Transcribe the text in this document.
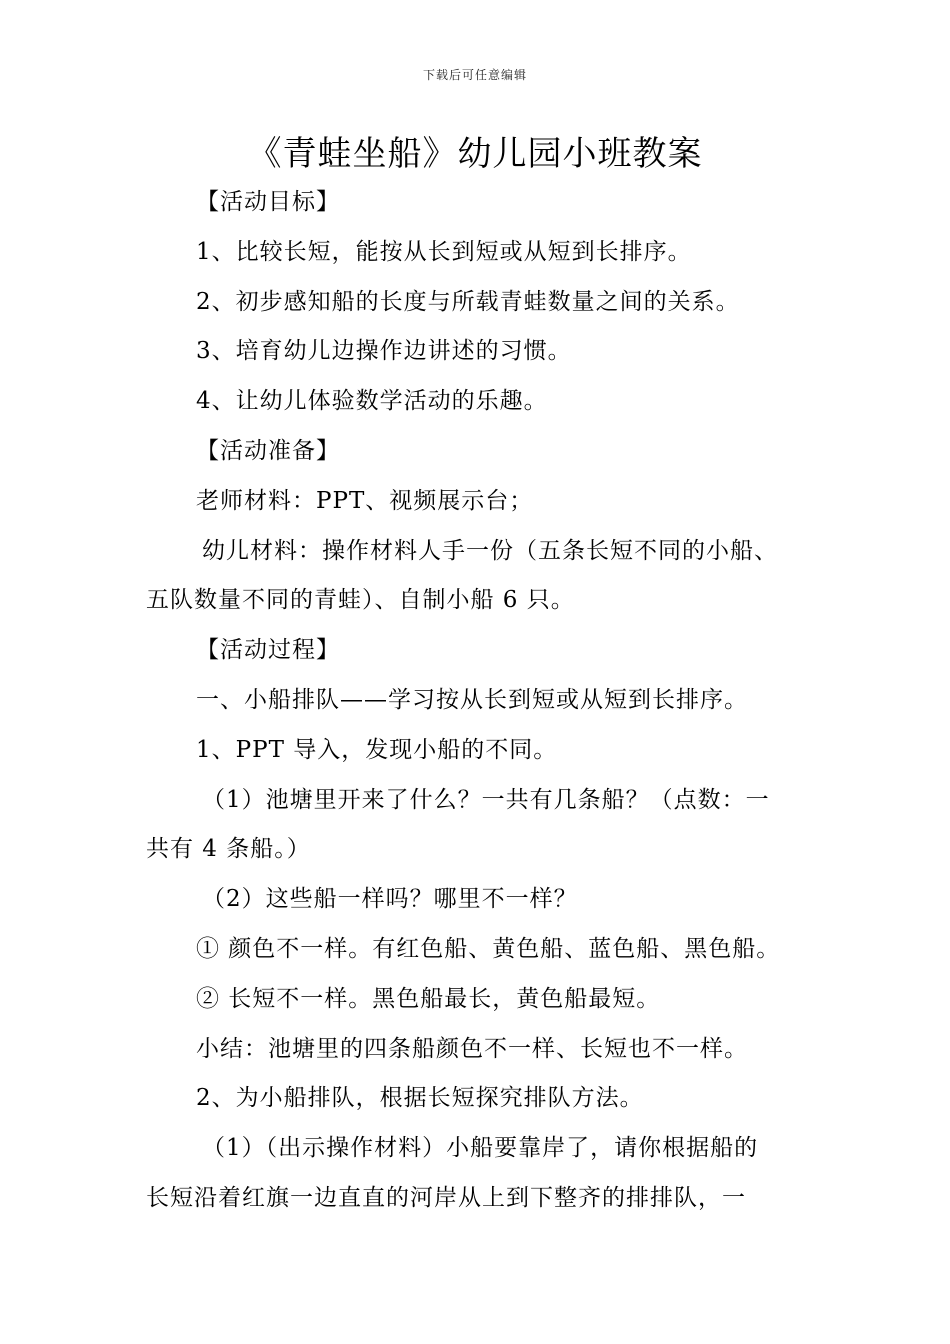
下载后可任意编辑
《青蛙坐船》幼儿园小班教案
【活动目标】
1、比较长短，能按从长到短或从短到长排序。
2、初步感知船的长度与所载青蛙数量之间的关系。
3、培育幼儿边操作边讲述的习惯。
4、让幼儿体验数学活动的乐趣。
【活动准备】
老师材料：PPT、视频展示台；
幼儿材料：操作材料人手一份（五条长短不同的小船、
五队数量不同的青蛙）、自制小船 6 只。
【活动过程】
一、小船排队——学习按从长到短或从短到长排序。
1、PPT 导入，发现小船的不同。
（1）池塘里开来了什么？一共有几条船？（点数：一
共有 4 条船。）
（2）这些船一样吗？哪里不一样？
① 颜色不一样。有红色船、黄色船、蓝色船、黑色船。
② 长短不一样。黑色船最长，黄色船最短。
小结：池塘里的四条船颜色不一样、长短也不一样。
2、为小船排队，根据长短探究排队方法。
（1）（出示操作材料）小船要靠岸了，请你根据船的
长短沿着红旗一边直直的河岸从上到下整齐的排排队，一
